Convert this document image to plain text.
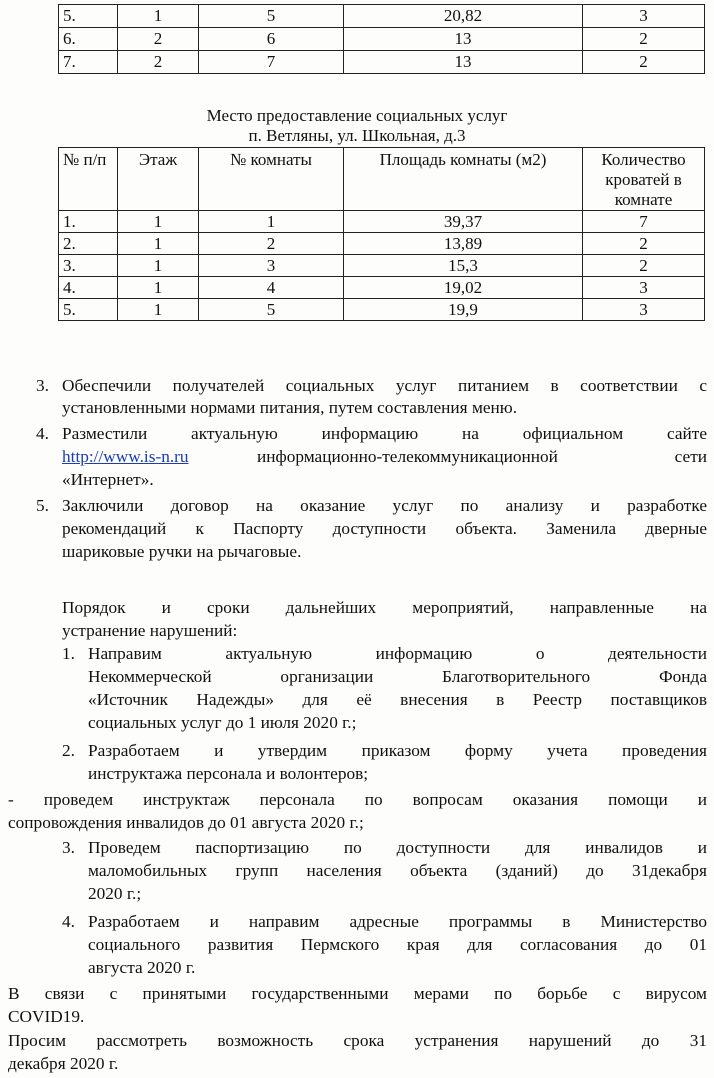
5.	1	5	20,82	3
6.	2	6	13	2
7.	2	7	13	2
Место предоставление социальных услуг
п. Ветляны, ул. Школьная, д.3
№ п/п	Этаж	№ комнаты	Площадь комнаты (м2)	Количество кроватей в комнате
1.	1	1	39,37	7
2.	1	2	13,89	2
3.	1	3	15,3	2
4.	1	4	19,02	3
5.	1	5	19,9	3
3. Обеспечили получателей социальных услуг питанием в соответствии с
установленными нормами питания, путем составления меню.
4. Разместили актуальную информацию на официальном сайте
http://www.is-n.ru	информационно-телекоммуникационной сети
«Интернет».
5. Заключили договор на оказание услуг по анализу и разработке
рекомендаций к Паспорту доступности объекта. Заменила дверные
шариковые ручки на рычаговые.
Порядок и сроки дальнейших мероприятий, направленные на
устранение нарушений:
1. Направим актуальную информацию о деятельности
Некоммерческой организации Благотворительного Фонда
«Источник Надежды» для её внесения в Реестр поставщиков
социальных услуг до 1 июля 2020 г.;
2. Разработаем и утвердим приказом форму учета проведения
инструктажа персонала и волонтеров;
- проведем инструктаж персонала по вопросам оказания помощи и
сопровождения инвалидов до 01 августа 2020 г.;
3. Проведем паспортизацию по доступности для инвалидов и
маломобильных групп населения объекта (зданий) до 31декабря
2020 г.;
4. Разработаем и направим адресные программы в Министерство
социального развития Пермского края для согласования до 01
августа 2020 г.
В связи с принятыми государственными мерами по борьбе с вирусом
COVID19.
Просим рассмотреть возможность срока устранения нарушений до 31
декабря 2020 г.
